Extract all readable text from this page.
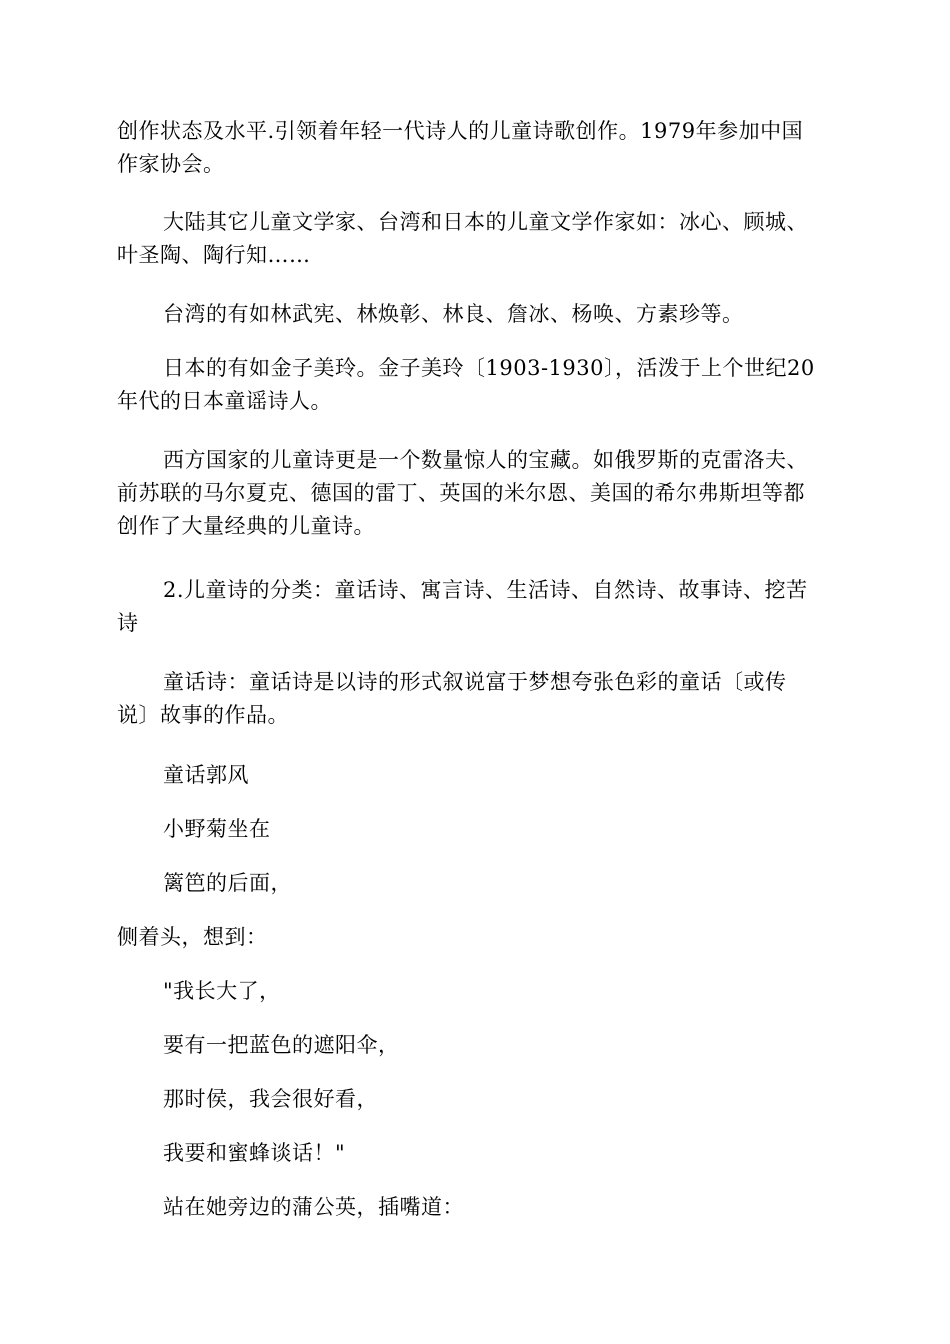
创作状态及水平.引领着年轻一代诗人的儿童诗歌创作。1979年参加中国
作家协会。
大陆其它儿童文学家、台湾和日本的儿童文学作家如：冰心、顾城、
叶圣陶、陶行知……
台湾的有如林武宪、林焕彰、林良、詹冰、杨唤、方素珍等。
日本的有如金子美玲。金子美玲〔1903-1930〕，活泼于上个世纪20
年代的日本童谣诗人。
西方国家的儿童诗更是一个数量惊人的宝藏。如俄罗斯的克雷洛夫、
前苏联的马尔夏克、德国的雷丁、英国的米尔恩、美国的希尔弗斯坦等都
创作了大量经典的儿童诗。
2.儿童诗的分类：童话诗、寓言诗、生活诗、自然诗、故事诗、挖苦
诗
童话诗：童话诗是以诗的形式叙说富于梦想夸张色彩的童话〔或传
说〕故事的作品。
童话郭风
小野菊坐在
篱笆的后面，
侧着头，想到：
"我长大了，
要有一把蓝色的遮阳伞，
那时侯，我会很好看，
我要和蜜蜂谈话！"
站在她旁边的蒲公英，插嘴道：
